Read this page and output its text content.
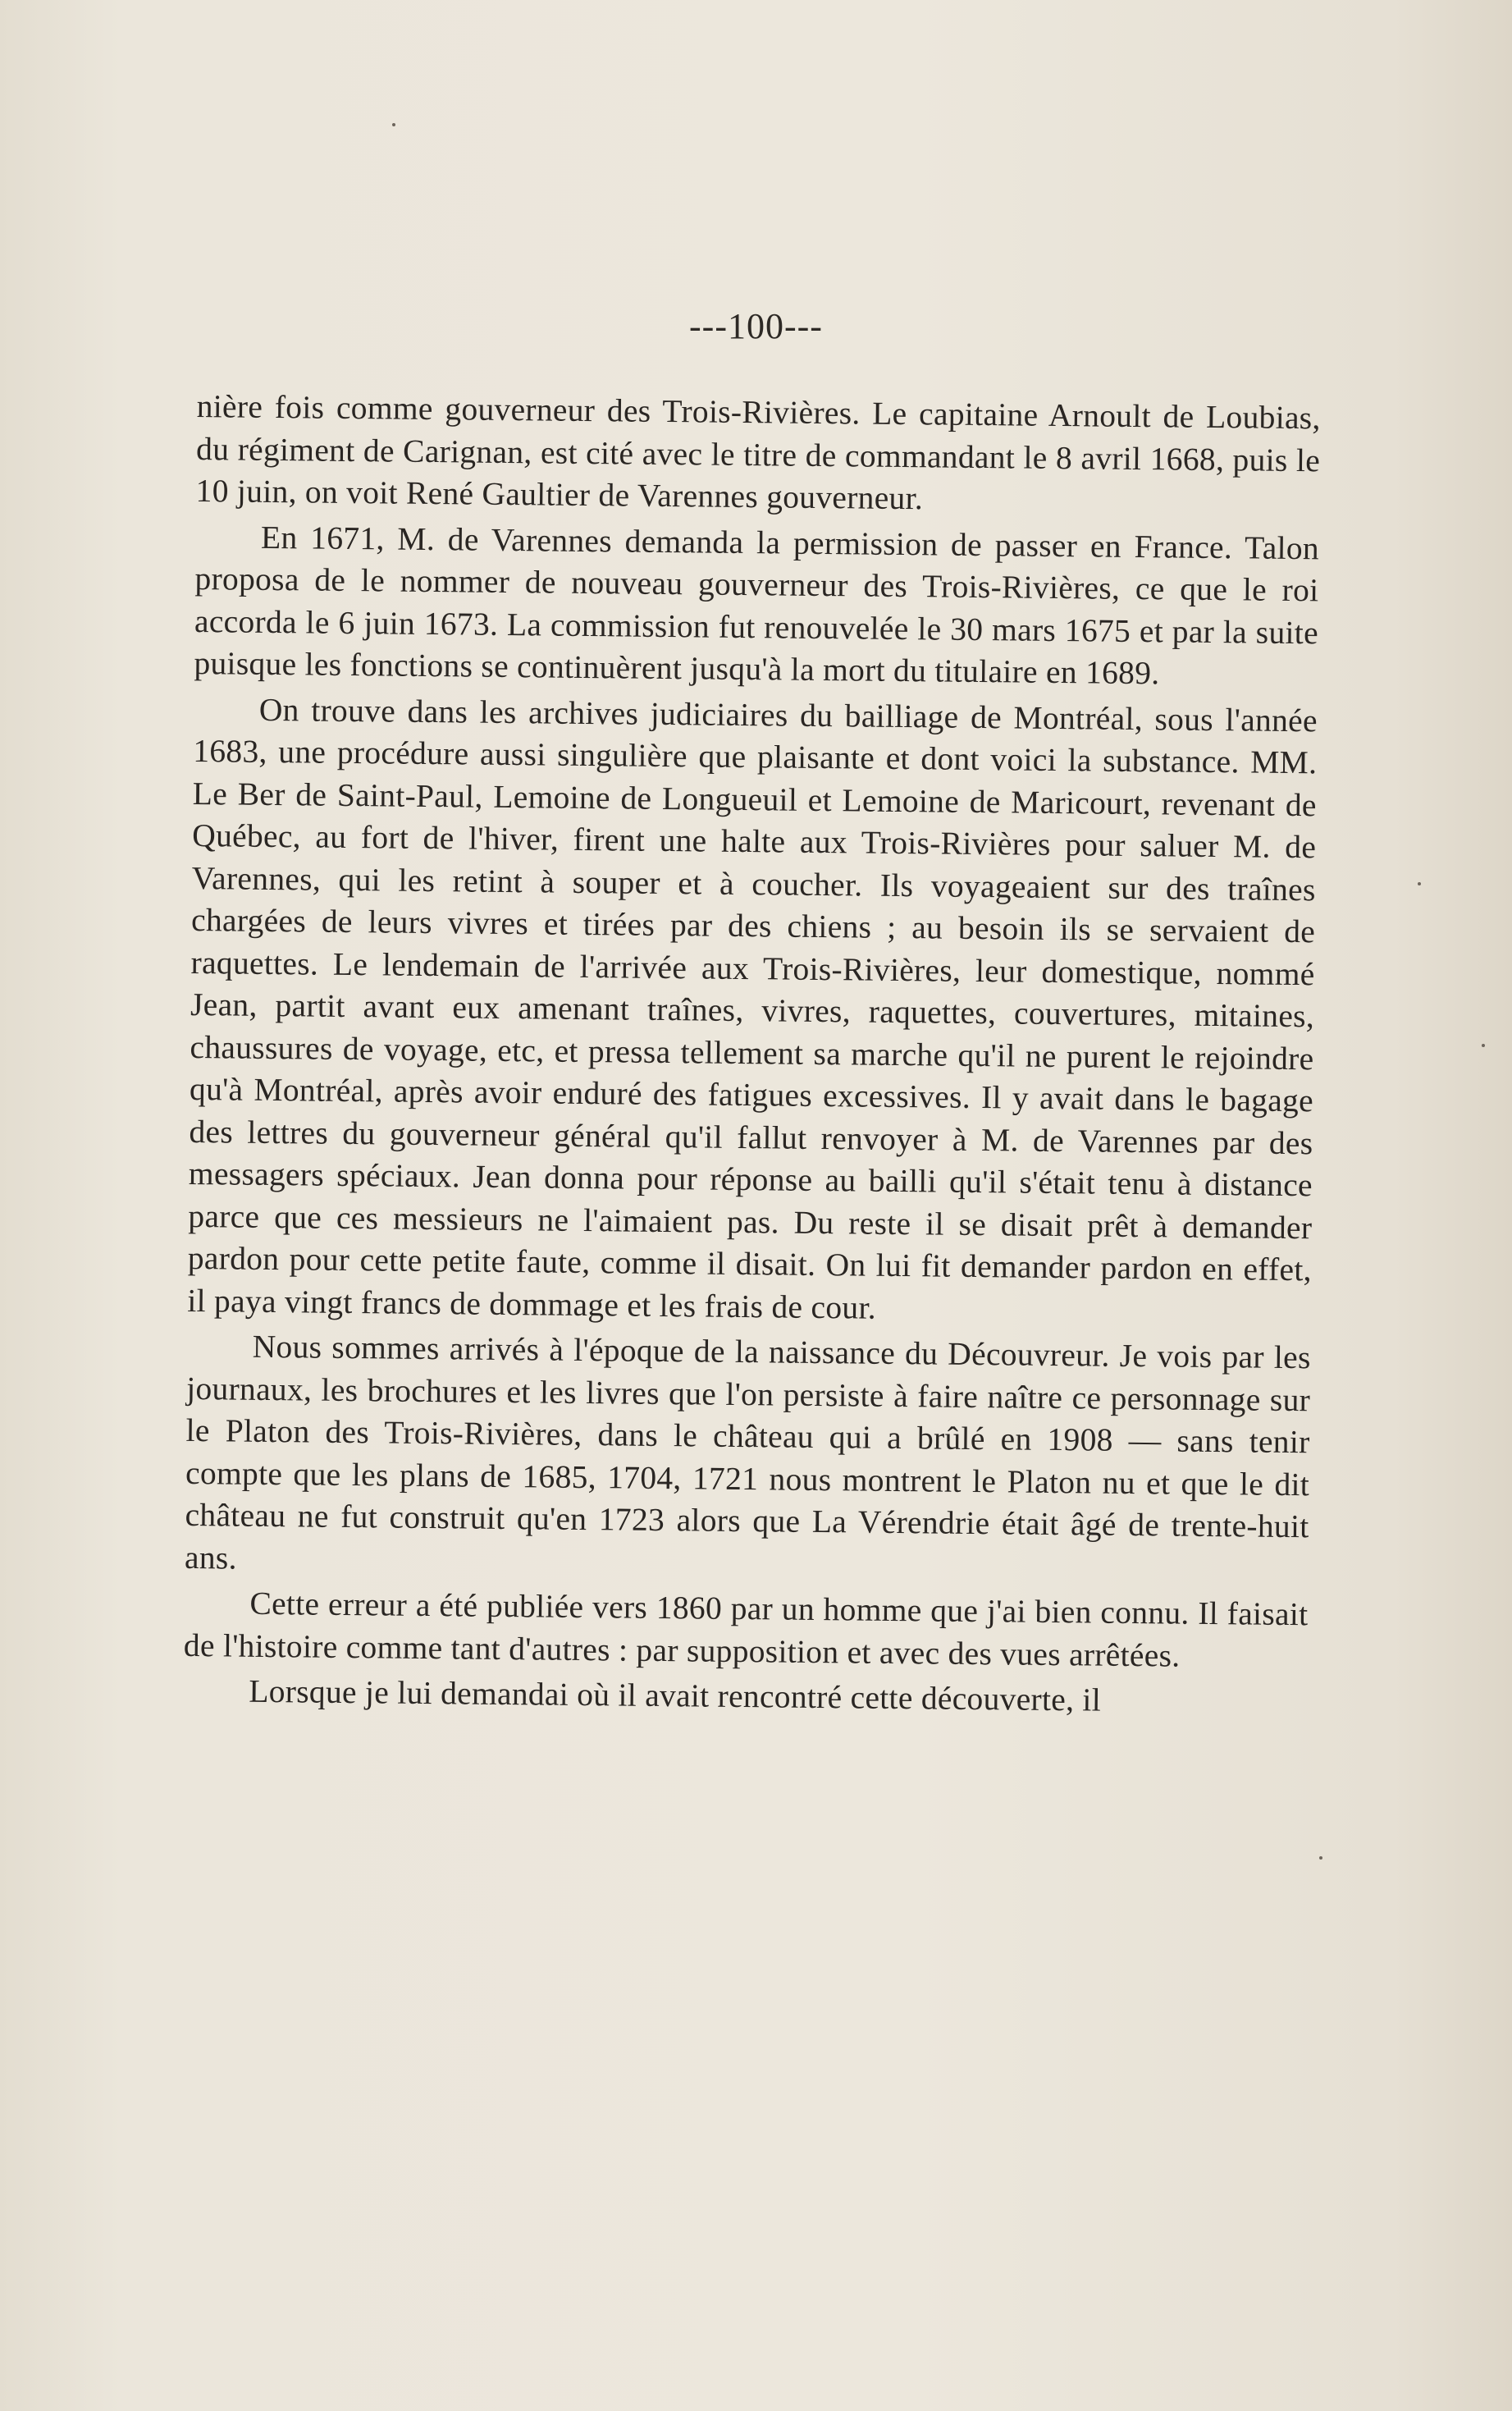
---100---

nière fois comme gouverneur des Trois-Rivières. Le capitaine Arnoult de Loubias, du régiment de Carignan, est cité avec le titre de commandant le 8 avril 1668, puis le 10 juin, on voit René Gaultier de Varennes gouverneur.

En 1671, M. de Varennes demanda la permission de passer en France. Talon proposa de le nommer de nouveau gouverneur des Trois-Rivières, ce que le roi accorda le 6 juin 1673. La commission fut renouvelée le 30 mars 1675 et par la suite puisque les fonctions se continuèrent jusqu'à la mort du titulaire en 1689.

On trouve dans les archives judiciaires du bailliage de Montréal, sous l'année 1683, une procédure aussi singulière que plaisante et dont voici la substance. MM. Le Ber de Saint-Paul, Lemoine de Longueuil et Lemoine de Maricourt, revenant de Québec, au fort de l'hiver, firent une halte aux Trois-Rivières pour saluer M. de Varennes, qui les retint à souper et à coucher. Ils voyageaient sur des traînes chargées de leurs vivres et tirées par des chiens ; au besoin ils se servaient de raquettes. Le lendemain de l'arrivée aux Trois-Rivières, leur domestique, nommé Jean, partit avant eux amenant traînes, vivres, raquettes, couvertures, mitaines, chaussures de voyage, etc, et pressa tellement sa marche qu'il ne purent le rejoindre qu'à Montréal, après avoir enduré des fatigues excessives. Il y avait dans le bagage des lettres du gouverneur général qu'il fallut renvoyer à M. de Varennes par des messagers spéciaux. Jean donna pour réponse au bailli qu'il s'était tenu à distance parce que ces messieurs ne l'aimaient pas. Du reste il se disait prêt à demander pardon pour cette petite faute, comme il disait. On lui fit demander pardon en effet, il paya vingt francs de dommage et les frais de cour.

Nous sommes arrivés à l'époque de la naissance du Découvreur. Je vois par les journaux, les brochures et les livres que l'on persiste à faire naître ce personnage sur le Platon des Trois-Rivières, dans le château qui a brûlé en 1908 — sans tenir compte que les plans de 1685, 1704, 1721 nous montrent le Platon nu et que le dit château ne fut construit qu'en 1723 alors que La Vérendrie était âgé de trente-huit ans.

Cette erreur a été publiée vers 1860 par un homme que j'ai bien connu. Il faisait de l'histoire comme tant d'autres : par supposition et avec des vues arrêtées.

Lorsque je lui demandai où il avait rencontré cette découverte, il
